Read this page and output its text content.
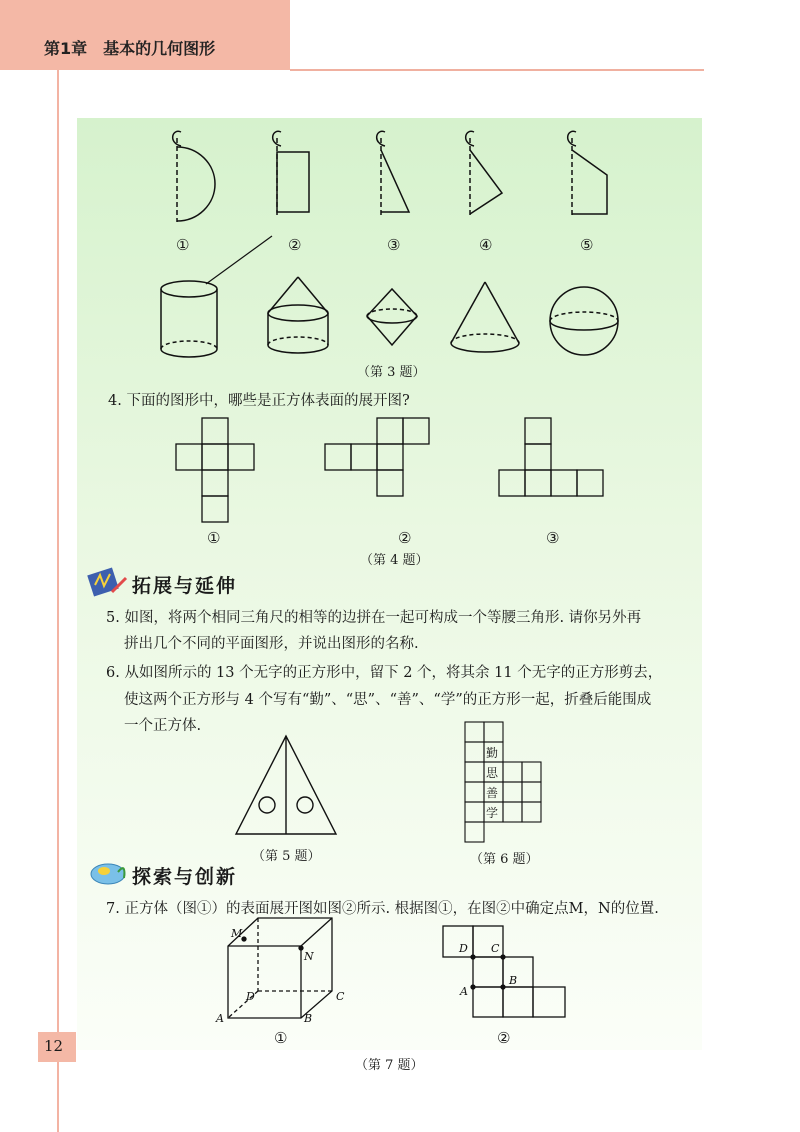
第1章　基本的几何图形
M
N
D	C
A	B
D C
B
A
①	②	③	④	⑤
（第 3 题）
4. 下面的图形中，哪些是正方体表面的展开图?
①	②	③
（第 4 题）
拓展与延伸
5. 如图，将两个相同三角尺的相等的边拼在一起可构成一个等腰三角形. 请你另外再
拼出几个不同的平面图形，并说出图形的名称.
6. 从如图所示的 13 个无字的正方形中，留下 2 个，将其余 11 个无字的正方形剪去，
使这两个正方形与 4 个写有“勤”、“思”、“善”、“学”的正方形一起，折叠后能围成
一个正方体.
勤
思
善
学
（第 5 题）	（第 6 题）
探索与创新
7. 正方体（图①）的表面展开图如图②所示. 根据图①，在图②中确定点M，N的位置.
①	②
（第 7 题）
12
